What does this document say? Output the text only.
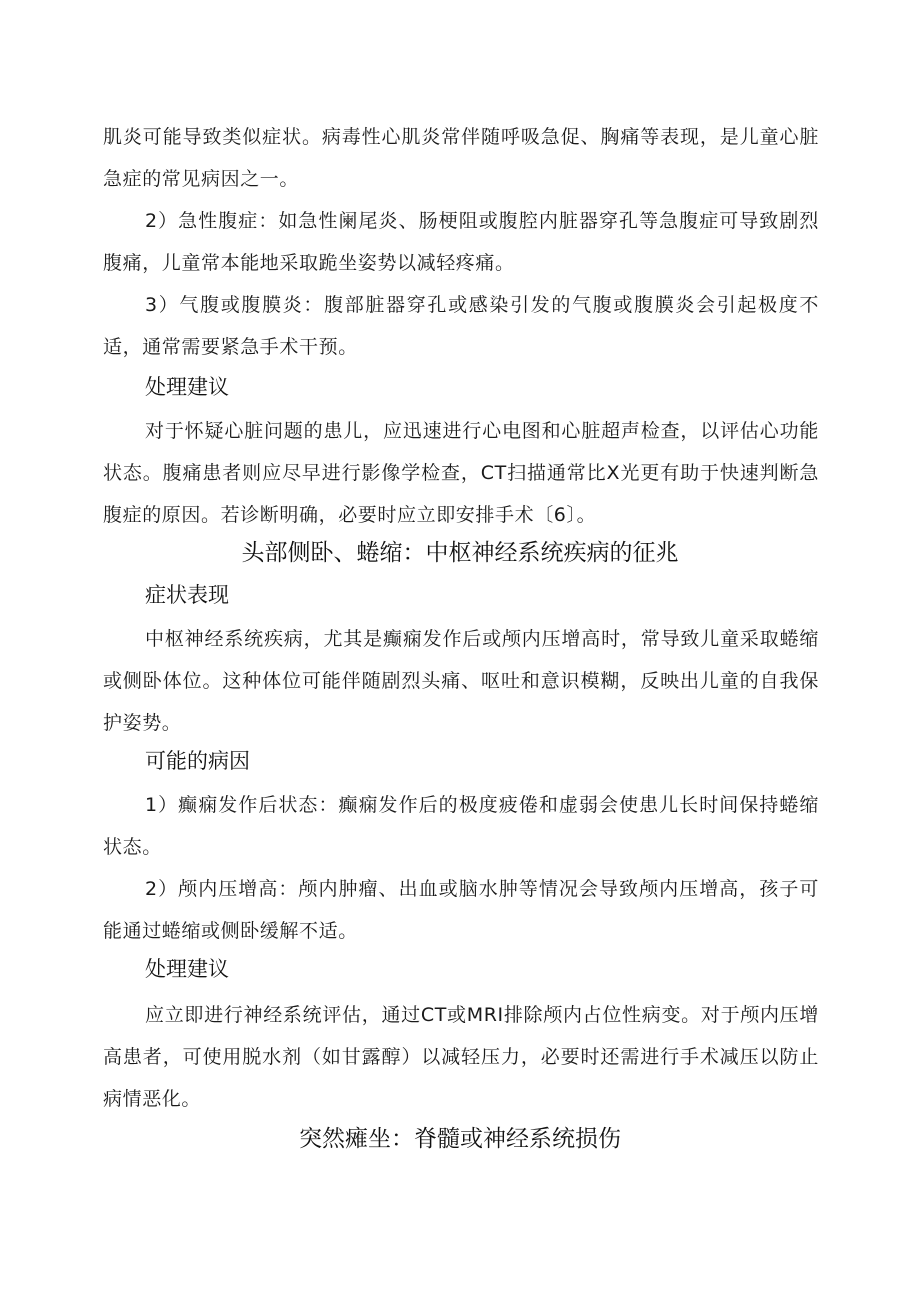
肌炎可能导致类似症状。病毒性心肌炎常伴随呼吸急促、胸痛等表现，是儿童心脏急症的常见病因之一。

2）急性腹症：如急性阑尾炎、肠梗阻或腹腔内脏器穿孔等急腹症可导致剧烈腹痛，儿童常本能地采取跪坐姿势以减轻疼痛。

3）气腹或腹膜炎：腹部脏器穿孔或感染引发的气腹或腹膜炎会引起极度不适，通常需要紧急手术干预。

处理建议

对于怀疑心脏问题的患儿，应迅速进行心电图和心脏超声检查，以评估心功能状态。腹痛患者则应尽早进行影像学检查，CT扫描通常比X光更有助于快速判断急腹症的原因。若诊断明确，必要时应立即安排手术〔6〕。

头部侧卧、蜷缩：中枢神经系统疾病的征兆
症状表现

中枢神经系统疾病，尤其是癫痫发作后或颅内压增高时，常导致儿童采取蜷缩或侧卧体位。这种体位可能伴随剧烈头痛、呕吐和意识模糊，反映出儿童的自我保护姿势。

可能的病因

1）癫痫发作后状态：癫痫发作后的极度疲倦和虚弱会使患儿长时间保持蜷缩状态。

2）颅内压增高：颅内肿瘤、出血或脑水肿等情况会导致颅内压增高，孩子可能通过蜷缩或侧卧缓解不适。

处理建议

应立即进行神经系统评估，通过CT或MRI排除颅内占位性病变。对于颅内压增高患者，可使用脱水剂（如甘露醇）以减轻压力，必要时还需进行手术减压以防止病情恶化。

突然瘫坐：脊髓或神经系统损伤
